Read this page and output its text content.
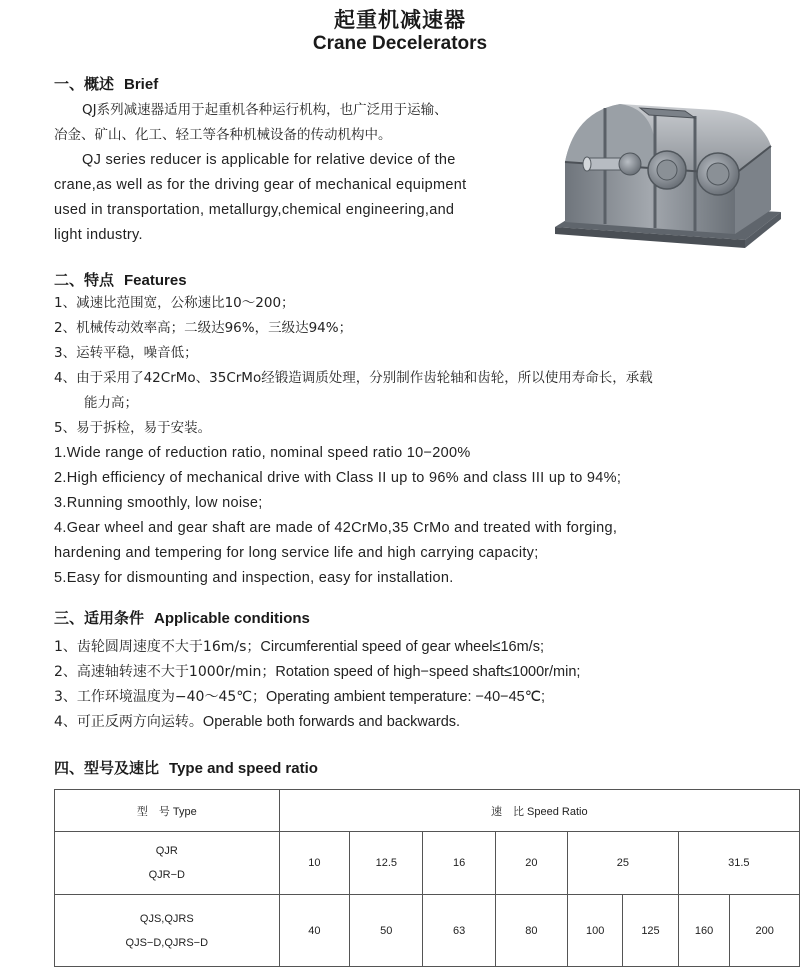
起重机减速器
Crane Decelerators
一、概述 Brief
QJ系列减速器适用于起重机各种运行机构，也广泛用于运输、
冶金、矿山、化工、轻工等各种机械设备的传动机构中。
QJ series reducer is applicable for relative device of the
crane,as well as for the driving gear of mechanical equipment
used in transportation, metallurgy,chemical engineering,and
light industry.
二、特点 Features
1、减速比范围宽，公称速比10～200；
2、机械传动效率高；二级达96%，三级达94%；
3、运转平稳，噪音低；
4、由于采用了42CrMo、35CrMo经锻造调质处理，分别制作齿轮轴和齿轮，所以使用寿命长，承载
能力高；
5、易于拆检，易于安装。
1.Wide range of reduction ratio, nominal speed ratio 10−200%
2.High efficiency of mechanical drive with Class II up to 96% and class III up to 94%;
3.Running smoothly, low noise;
4.Gear wheel and gear shaft are made of 42CrMo,35 CrMo and treated with forging,
hardening and tempering for long service life and high carrying capacity;
5.Easy for dismounting and inspection, easy for installation.
三、适用条件 Applicable conditions
1、齿轮圆周速度不大于16m/s；Circumferential speed of gear wheel≤16m/s;
2、高速轴转速不大于1000r/min；Rotation speed of high−speed shaft≤1000r/min;
3、工作环境温度为−40～45℃；Operating ambient temperature: −40−45℃;
4、可正反两方向运转。Operable both forwards and backwards.
四、型号及速比 Type and speed ratio
型　号 Type	速　比 Speed Ratio							

QJR
QJR−D	10	12.5	16	20	25		31.5	

QJS,QJRS
QJS−D,QJRS−D	40	50	63	80	100	125	160	200
